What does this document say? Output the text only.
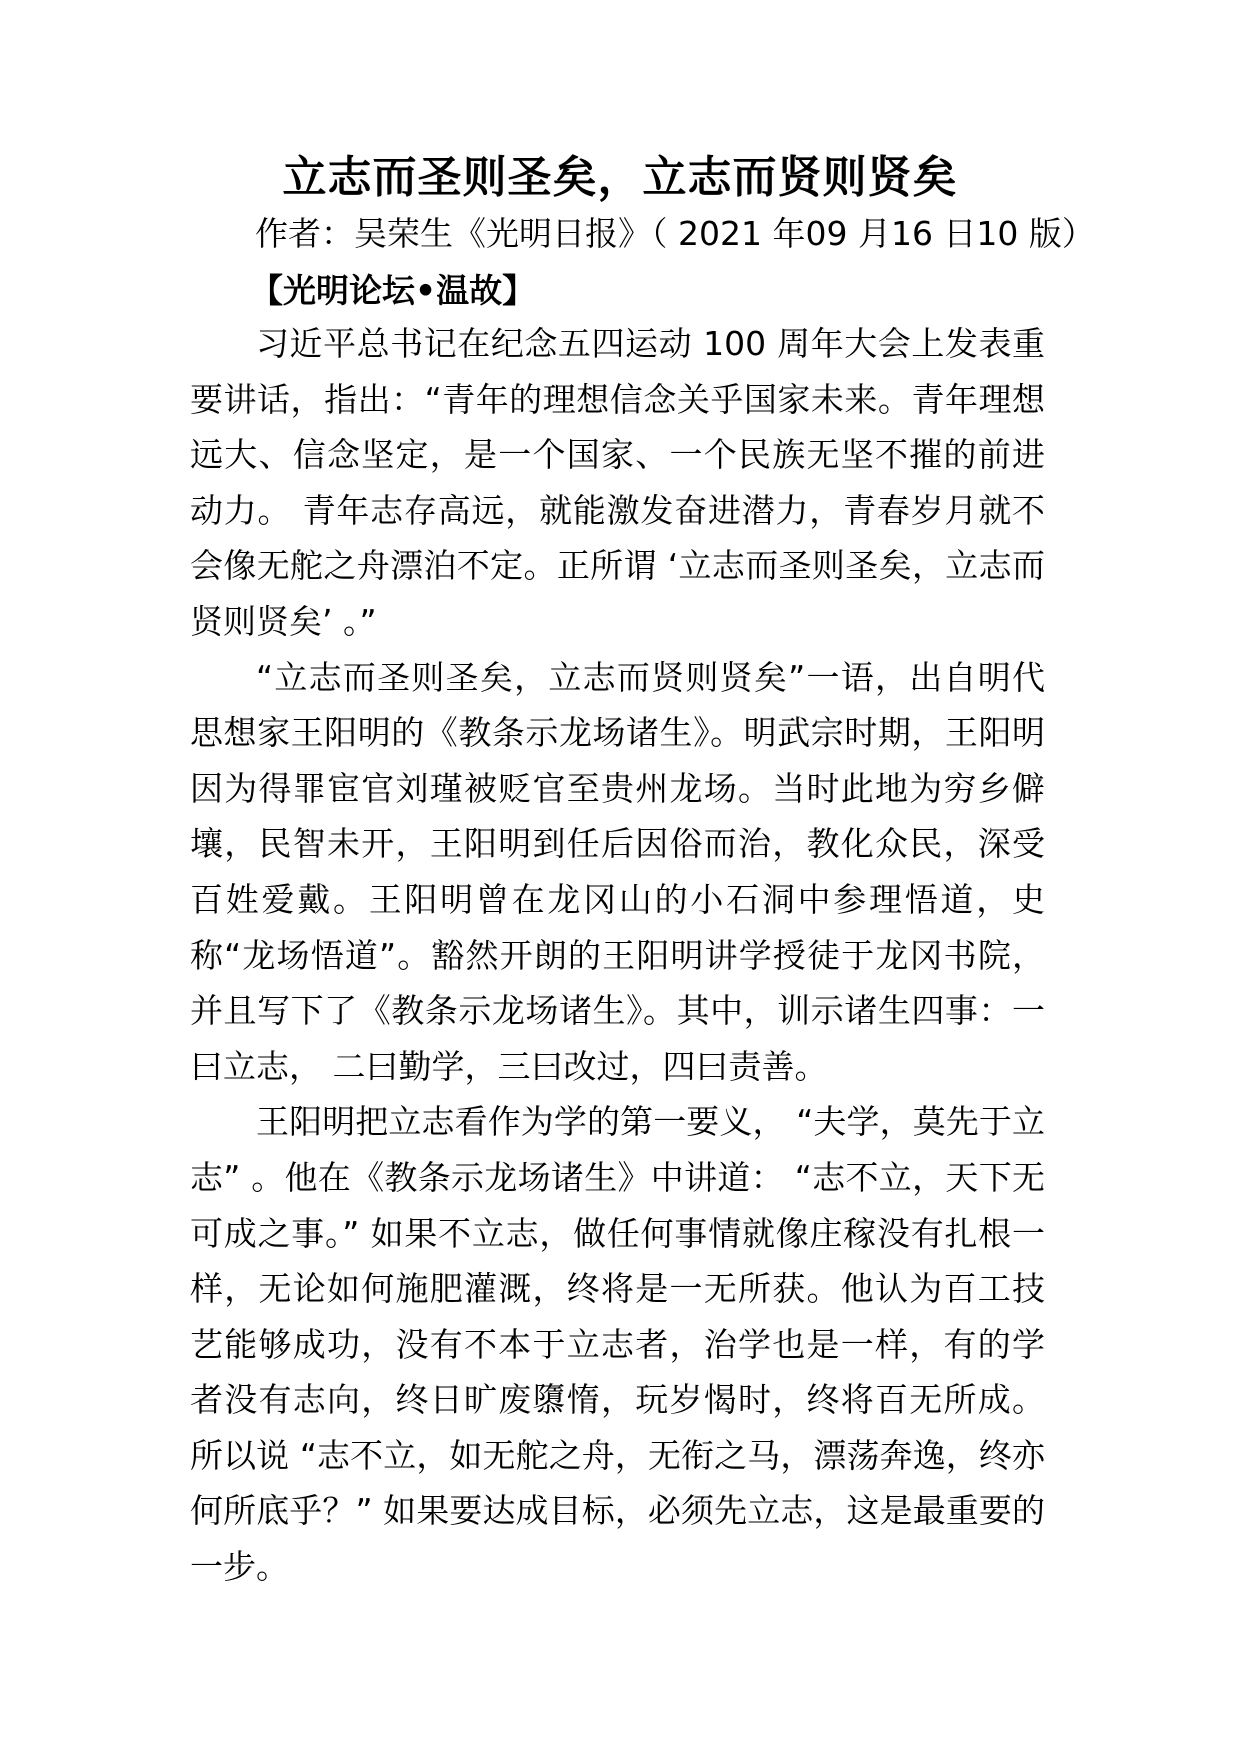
立志而圣则圣矣，立志而贤则贤矣

作者：吴荣生《光明日报》（ 2021 年09 月16 日10 版）

【光明论坛•温故】

习近平总书记在纪念五四运动 100 周年大会上发表重要讲话，指出：“青年的理想信念关乎国家未来。青年理想远大、信念坚定，是一个国家、一个民族无坚不摧的前进动力。 青年志存高远，就能激发奋进潜力，青春岁月就不会像无舵之舟漂泊不定。正所谓 ‘立志而圣则圣矣，立志而贤则贤矣’ 。”

“立志而圣则圣矣，立志而贤则贤矣”一语，出自明代思想家王阳明的《教条示龙场诸生》。明武宗时期，王阳明因为得罪宦官刘瑾被贬官至贵州龙场。当时此地为穷乡僻壤，民智未开，王阳明到任后因俗而治，教化众民，深受百姓爱戴。王阳明曾在龙冈山的小石洞中参理悟道，史称“龙场悟道”。豁然开朗的王阳明讲学授徒于龙冈书院，并且写下了《教条示龙场诸生》。其中，训示诸生四事：一曰立志， 二曰勤学，三曰改过，四曰责善。

王阳明把立志看作为学的第一要义， “夫学，莫先于立志” 。他在《教条示龙场诸生》中讲道： “志不立，天下无可成之事。” 如果不立志，做任何事情就像庄稼没有扎根一样，无论如何施肥灌溉，终将是一无所获。他认为百工技艺能够成功，没有不本于立志者，治学也是一样，有的学者没有志向，终日旷废隳惰，玩岁愒时，终将百无所成。所以说 “志不立，如无舵之舟，无衔之马，漂荡奔逸，终亦何所底乎？” 如果要达成目标，必须先立志，这是最重要的一步。
